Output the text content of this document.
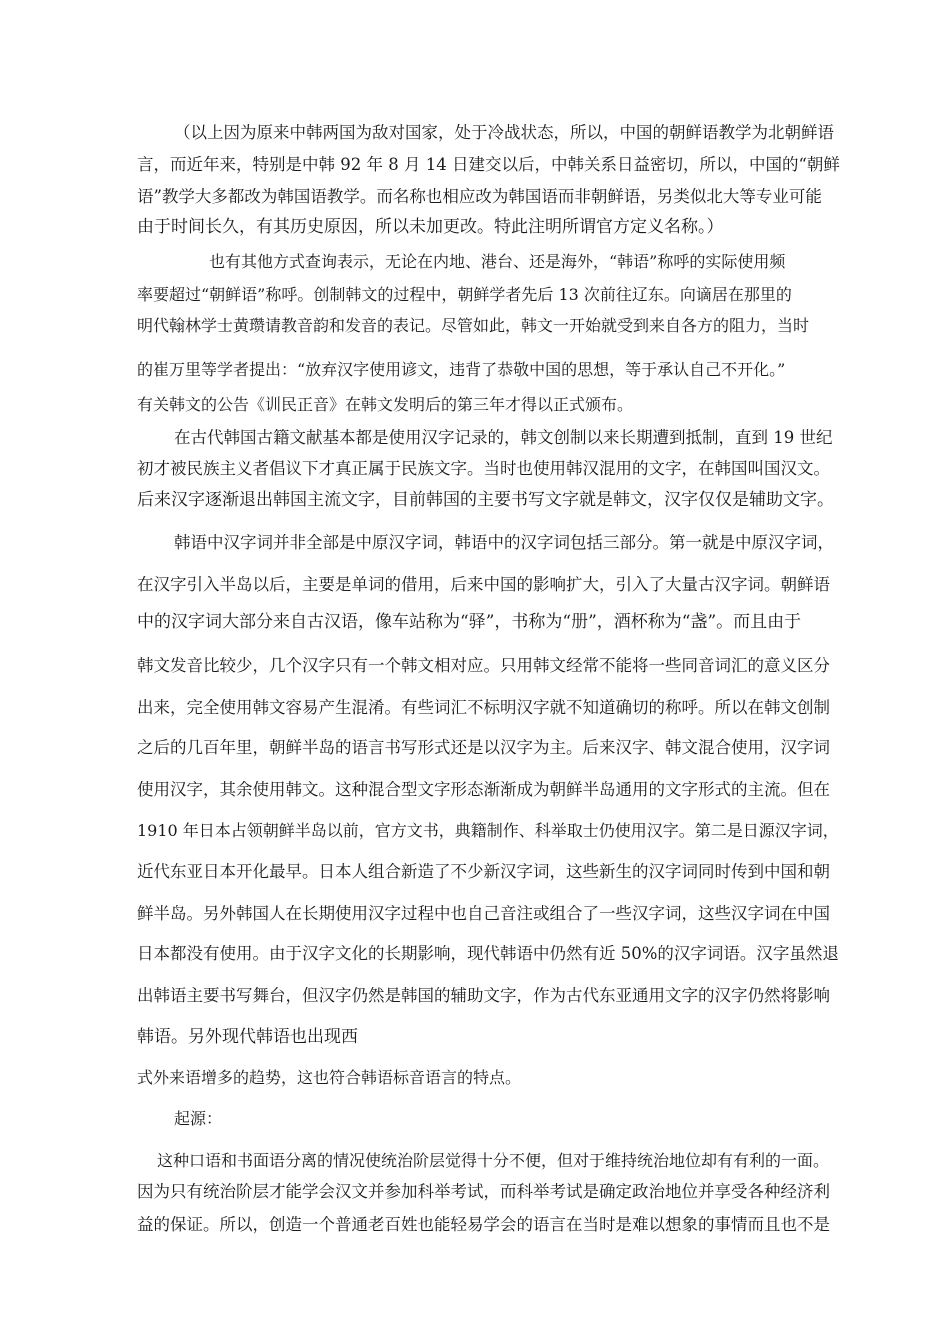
（以上因为原来中韩两国为敌对国家，处于冷战状态，所以，中国的朝鲜语教学为北朝鲜语

言，而近年来，特别是中韩 92 年 8 月 14 日建交以后，中韩关系日益密切，所以，中国的“朝鲜

语”教学大多都改为韩国语教学。而名称也相应改为韩国语而非朝鲜语，另类似北大等专业可能

由于时间长久，有其历史原因，所以未加更改。特此注明所谓官方定义名称。）

也有其他方式查询表示，无论在内地、港台、还是海外，“韩语”称呼的实际使用频

率要超过“朝鲜语”称呼。创制韩文的过程中，朝鲜学者先后 13 次前往辽东。向谪居在那里的

明代翰林学士黄瓒请教音韵和发音的表记。尽管如此，韩文一开始就受到来自各方的阻力，当时

的崔万里等学者提出：“放弃汉字使用谚文，违背了恭敬中国的思想，等于承认自己不开化。”

有关韩文的公告《训民正音》在韩文发明后的第三年才得以正式颁布。

在古代韩国古籍文献基本都是使用汉字记录的，韩文创制以来长期遭到抵制，直到 19 世纪

初才被民族主义者倡议下才真正属于民族文字。当时也使用韩汉混用的文字，在韩国叫国汉文。

后来汉字逐渐退出韩国主流文字，目前韩国的主要书写文字就是韩文，汉字仅仅是辅助文字。

韩语中汉字词并非全部是中原汉字词，韩语中的汉字词包括三部分。第一就是中原汉字词，

在汉字引入半岛以后，主要是单词的借用，后来中国的影响扩大，引入了大量古汉字词。朝鲜语

中的汉字词大部分来自古汉语，像车站称为“驿”，书称为“册”，酒杯称为“盏”。而且由于

韩文发音比较少，几个汉字只有一个韩文相对应。只用韩文经常不能将一些同音词汇的意义区分

出来，完全使用韩文容易产生混淆。有些词汇不标明汉字就不知道确切的称呼。所以在韩文创制

之后的几百年里，朝鲜半岛的语言书写形式还是以汉字为主。后来汉字、韩文混合使用，汉字词

使用汉字，其余使用韩文。这种混合型文字形态渐渐成为朝鲜半岛通用的文字形式的主流。但在

1910 年日本占领朝鲜半岛以前，官方文书，典籍制作、科举取士仍使用汉字。第二是日源汉字词，

近代东亚日本开化最早。日本人组合新造了不少新汉字词，这些新生的汉字词同时传到中国和朝

鲜半岛。另外韩国人在长期使用汉字过程中也自己音注或组合了一些汉字词，这些汉字词在中国

日本都没有使用。由于汉字文化的长期影响，现代韩语中仍然有近 50%的汉字词语。汉字虽然退

出韩语主要书写舞台，但汉字仍然是韩国的辅助文字，作为古代东亚通用文字的汉字仍然将影响

韩语。另外现代韩语也出现西

式外来语增多的趋势，这也符合韩语标音语言的特点。

起源：

这种口语和书面语分离的情况使统治阶层觉得十分不便，但对于维持统治地位却有有利的一面。

因为只有统治阶层才能学会汉文并参加科举考试，而科举考试是确定政治地位并享受各种经济利

益的保证。所以，创造一个普通老百姓也能轻易学会的语言在当时是难以想象的事情而且也不是
